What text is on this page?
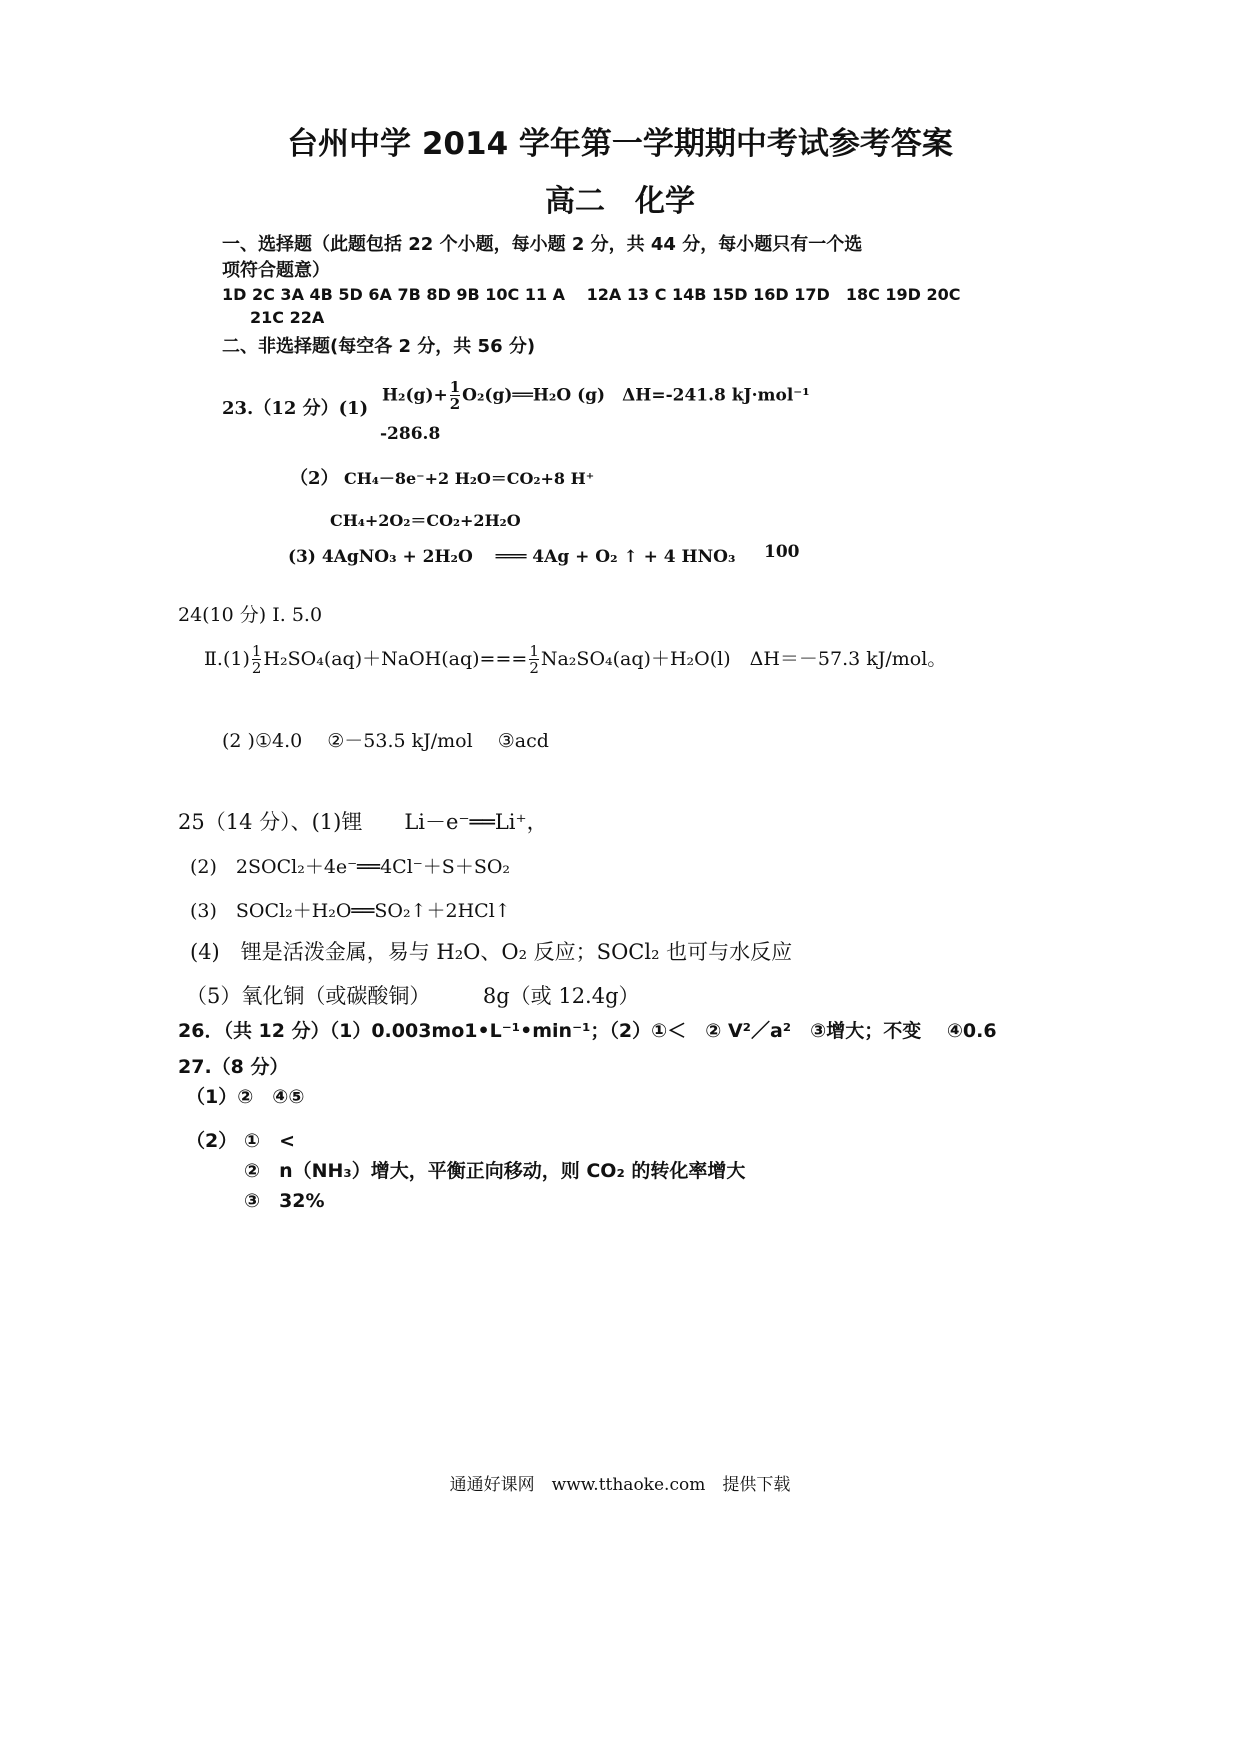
台州中学 2014 学年第一学期期中考试参考答案
高二　化学
一、选择题（此题包括 22 个小题，每小题 2 分，共 44 分，每小题只有一个选
项符合题意）
1D 2C 3A 4B 5D 6A 7B 8D 9B 10C 11 A　 12A 13 C 14B 15D 16D 17D　18C 19D 20C
21C 22A
二、非选择题(每空各 2 分，共 56 分)
23.（12 分）(1)
$H_2(g)+ \frac{1}{2}$ O₂(g)══H₂O (g)　ΔH=-241.8 kJ·mol⁻¹
-286.8
（2） CH₄－8e⁻+2 H₂O＝CO₂+8 H⁺
CH₄+2O₂＝CO₂+2H₂O
(3) 4AgNO₃ + 2H₂O　 ═══ 4Ag + O₂ ↑ + 4 HNO₃ 100
24(10 分) Ⅰ. 5.0
Ⅱ.(1) $\frac{1}{2}$ H₂SO₄(aq)＋NaOH(aq)=== $\frac{1}{2} Na_2SO_4(aq)+H_2O(l)$　ΔH＝－57.3 kJ/mol。
(2 )①4.0　 ②－53.5 kJ/mol　 ③acd
25（14 分）、(1)锂　　Li－e⁻══Li⁺，
(2)　2SOCl₂＋4e⁻══4Cl⁻＋S＋SO₂
(3)　SOCl₂＋H₂O══SO₂↑＋2HCl↑
(4)　锂是活泼金属，易与 H₂O、O₂ 反应；SOCl₂ 也可与水反应
（5）氧化铜（或碳酸铜）　　　8g（或 12.4g）
26．（共 12 分）（1）0.003mo1•L⁻¹•min⁻¹；（2）①＜　② V²／a²　③增大；不变　 ④0.6
27.（8 分）
（1）②　④⑤
（2） ①　<
②　n（NH₃）增大，平衡正向移动，则 CO₂ 的转化率增大
③　32%
通通好课网　www.tthaoke.com　提供下载
